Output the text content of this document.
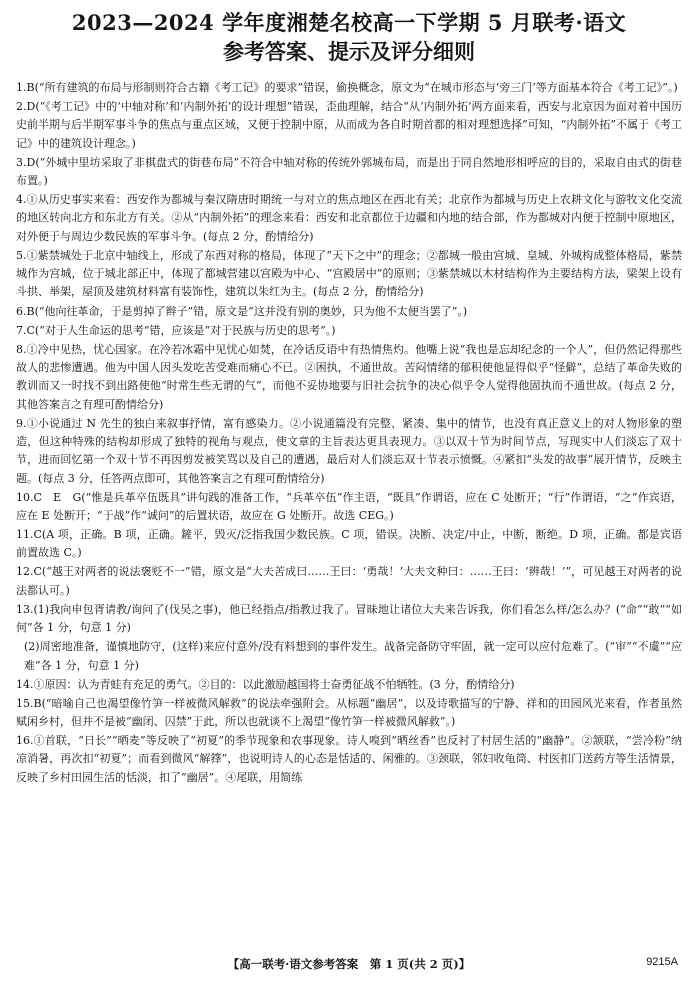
2023—2024 学年度湘楚名校高一下学期 5 月联考·语文
参考答案、提示及评分细则

1.B(“所有建筑的布局与形制则符合古籍《考工记》的要求”错误，偷换概念，原文为“在城市形态与‘旁三门’等方面基本符合《考工记》”。)

2.D(“《考工记》中的‘中轴对称’和‘内制外拓’的设计理想”错误，歪曲理解，结合“从‘内制外拓’两方面来看，西安与北京因为面对着中国历史前半期与后半期军事斗争的焦点与重点区域，又便于控制中原，从而成为各自时期首都的相对理想选择”可知，“内制外拓”不属于《考工记》中的建筑设计理念。)

3.D(“外城中里坊采取了非棋盘式的街巷布局”不符合中轴对称的传统外郭城布局，而是出于同自然地形相呼应的目的，采取自由式的街巷布置。)

4.①从历史事实来看：西安作为都城与秦汉隋唐时期统一与对立的焦点地区在西北有关；北京作为都城与历史上农耕文化与游牧文化交流的地区转向北方和东北方有关。②从“内制外拓”的理念来看：西安和北京都位于边疆和内地的结合部，作为都城对内便于控制中原地区，对外便于与周边少数民族的军事斗争。(每点 2 分，酌情给分)

5.①紫禁城处于北京中轴线上，形成了东西对称的格局，体现了“天下之中”的理念；②都城一般由宫城、皇城、外城构成整体格局，紫禁城作为宫城，位于城北部正中，体现了都城营建以宫殿为中心、“宫殿居中”的原则；③紫禁城以木材结构作为主要结构方法，梁架上设有斗拱、举架，屋顶及建筑材料富有装饰性，建筑以朱红为主。(每点 2 分，酌情给分)

6.B(“他向往革命，于是剪掉了辫子”错，原文是“这并没有别的奥妙，只为他不太便当罢了”。)

7.C(“对于人生命运的思考”错，应该是“对于民族与历史的思考”。)

8.①冷中见热，忧心国家。在冷若冰霜中见忧心如焚，在冷话反语中有热情焦灼。他嘴上说“我也是忘却纪念的一个人”，但仍然记得那些故人的悲惨遭遇。他为中国人因头发吃苦受难而痛心不已。②困执，不通世故。苦闷情绪的郁积使他显得似乎“怪僻”，总结了革命失败的教训而又一时找不到出路使他“时常生些无谓的气”，而他不妥协地要与旧社会抗争的决心似乎令人觉得他固执而不通世故。(每点 2 分，其他答案言之有理可酌情给分)

9.①小说通过 N 先生的独白来叙事抒情，富有感染力。②小说通篇没有完整、紧凑、集中的情节，也没有真正意义上的对人物形象的塑造，但这种特殊的结构却形成了独特的视角与观点，使文章的主旨表达更具表现力。③以双十节为时间节点，写现实中人们淡忘了双十节，进而回忆第一个双十节不再因剪发被笑骂以及自己的遭遇，最后对人们淡忘双十节表示愤慨。④紧扣“头发的故事”展开情节，反映主题。(每点 3 分，任答两点即可，其他答案言之有理可酌情给分)

10.C　E　G(“惟是兵革卒伍既具”讲句践的准备工作，“兵革卒伍”作主语，“既具”作谓语，应在 C 处断开；“行”作谓语，“之”作宾语，应在 E 处断开；“于战”作“诚问”的后置状语，故应在 G 处断开。故选 CEG。)

11.C(A 项，正确。B 项，正确。鏟平，毁灭/泛指我国少数民族。C 项，错误。决断、决定/中止，中断，断绝。D 项，正确。都是宾语前置故选 C。)

12.C(“越王对两者的说法褒贬不一”错，原文是“大夫苦成曰……王曰：‘勇哉！’大夫文种曰：……王曰：‘辨哉！’”，可见越王对两者的说法都认可。)

13.(1)我向申包胥请教/询问了(伐吴之事)，他已经指点/指教过我了。冒昧地让诸位大夫来告诉我，你们看怎么样/怎么办？(“命”“敢”“如何”各 1 分，句意 1 分)

(2)周密地准备，谨慎地防守，(这样)来应付意外/没有料想到的事件发生。战备完备防守牢固，就一定可以应付危难了。(“审”“不虞”“应难”各 1 分，句意 1 分)

14.①原因：认为青蛙有充足的勇气。②目的：以此激励越国将士奋勇征战不怕牺牲。(3 分，酌情给分)

15.B(“暗喻自己也渴望像竹笋一样被微风解救”的说法牵强附会。从标题“幽居”，以及诗歌描写的宁静、祥和的田园风光来看，作者虽然赋闲乡村，但并不是被“幽闭、囚禁”于此，所以也就谈不上渴望“像竹笋一样被微风解救”。)

16.①首联，“日长”“晒麦”等反映了“初夏”的季节现象和农事现象。诗人嗅到“晒丝香”也反衬了村居生活的“幽静”。②颔联，“尝冷粉”纳凉消暑，再次扣“初夏”；而看到微风“解箨”，也说明诗人的心态是恬适的、闲雅的。③颈联，邻妇收龟筒、村医扣门送药方等生活情景，反映了乡村田园生活的恬淡，扣了“幽居”。④尾联，用简练

【高一联考·语文参考答案　第 1 页(共 2 页)】	9215A
